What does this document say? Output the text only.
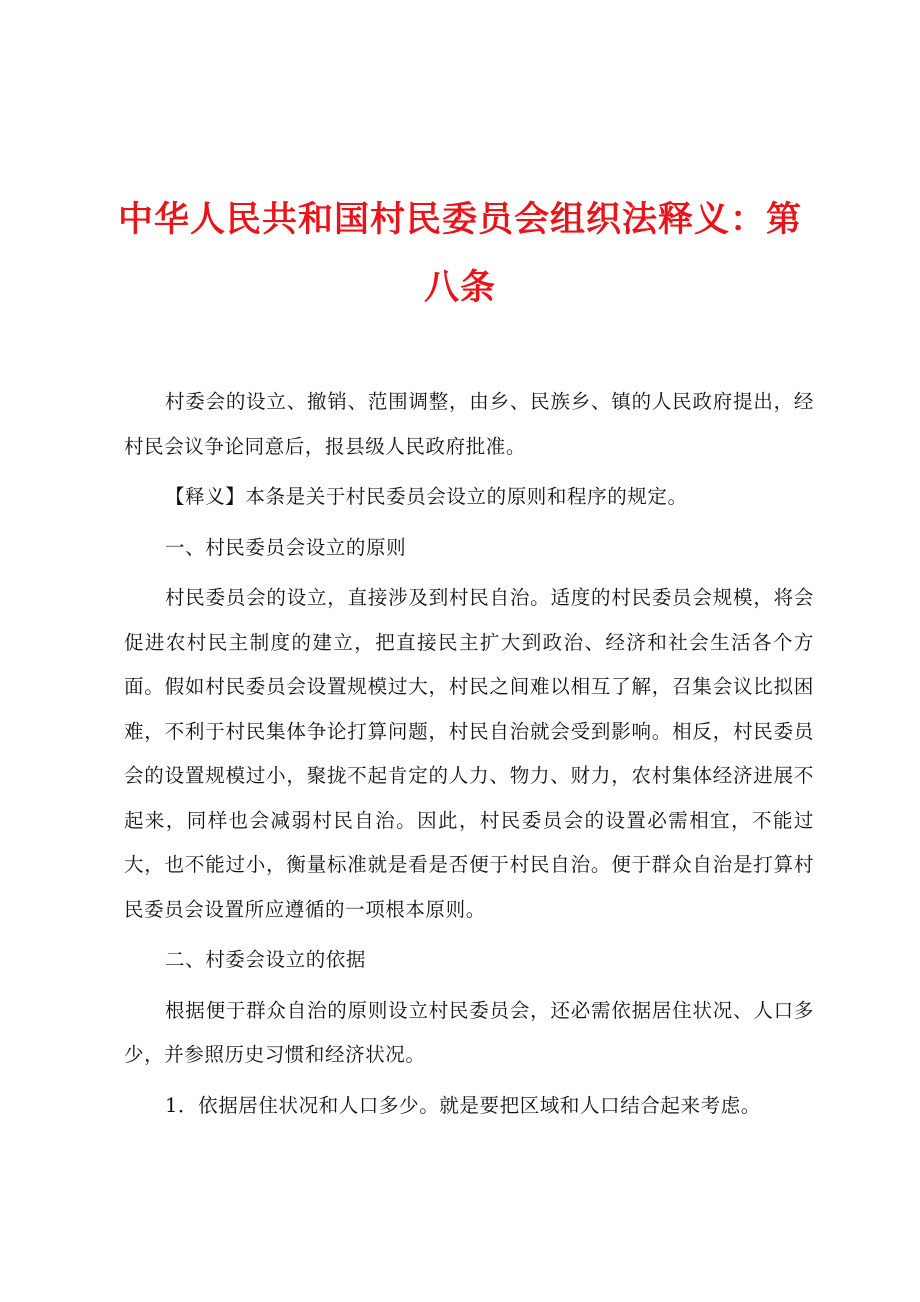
中华人民共和国村民委员会组织法释义：第八条

村委会的设立、撤销、范围调整，由乡、民族乡、镇的人民政府提出，经村民会议争论同意后，报县级人民政府批准。

【释义】本条是关于村民委员会设立的原则和程序的规定。

一、村民委员会设立的原则

村民委员会的设立，直接涉及到村民自治。适度的村民委员会规模，将会促进农村民主制度的建立，把直接民主扩大到政治、经济和社会生活各个方面。假如村民委员会设置规模过大，村民之间难以相互了解，召集会议比拟困难，不利于村民集体争论打算问题，村民自治就会受到影响。相反，村民委员会的设置规模过小，聚拢不起肯定的人力、物力、财力，农村集体经济进展不起来，同样也会减弱村民自治。因此，村民委员会的设置必需相宜，不能过大，也不能过小，衡量标准就是看是否便于村民自治。便于群众自治是打算村民委员会设置所应遵循的一项根本原则。

二、村委会设立的依据

根据便于群众自治的原则设立村民委员会，还必需依据居住状况、人口多少，并参照历史习惯和经济状况。

1．依据居住状况和人口多少。就是要把区域和人口结合起来考虑。
